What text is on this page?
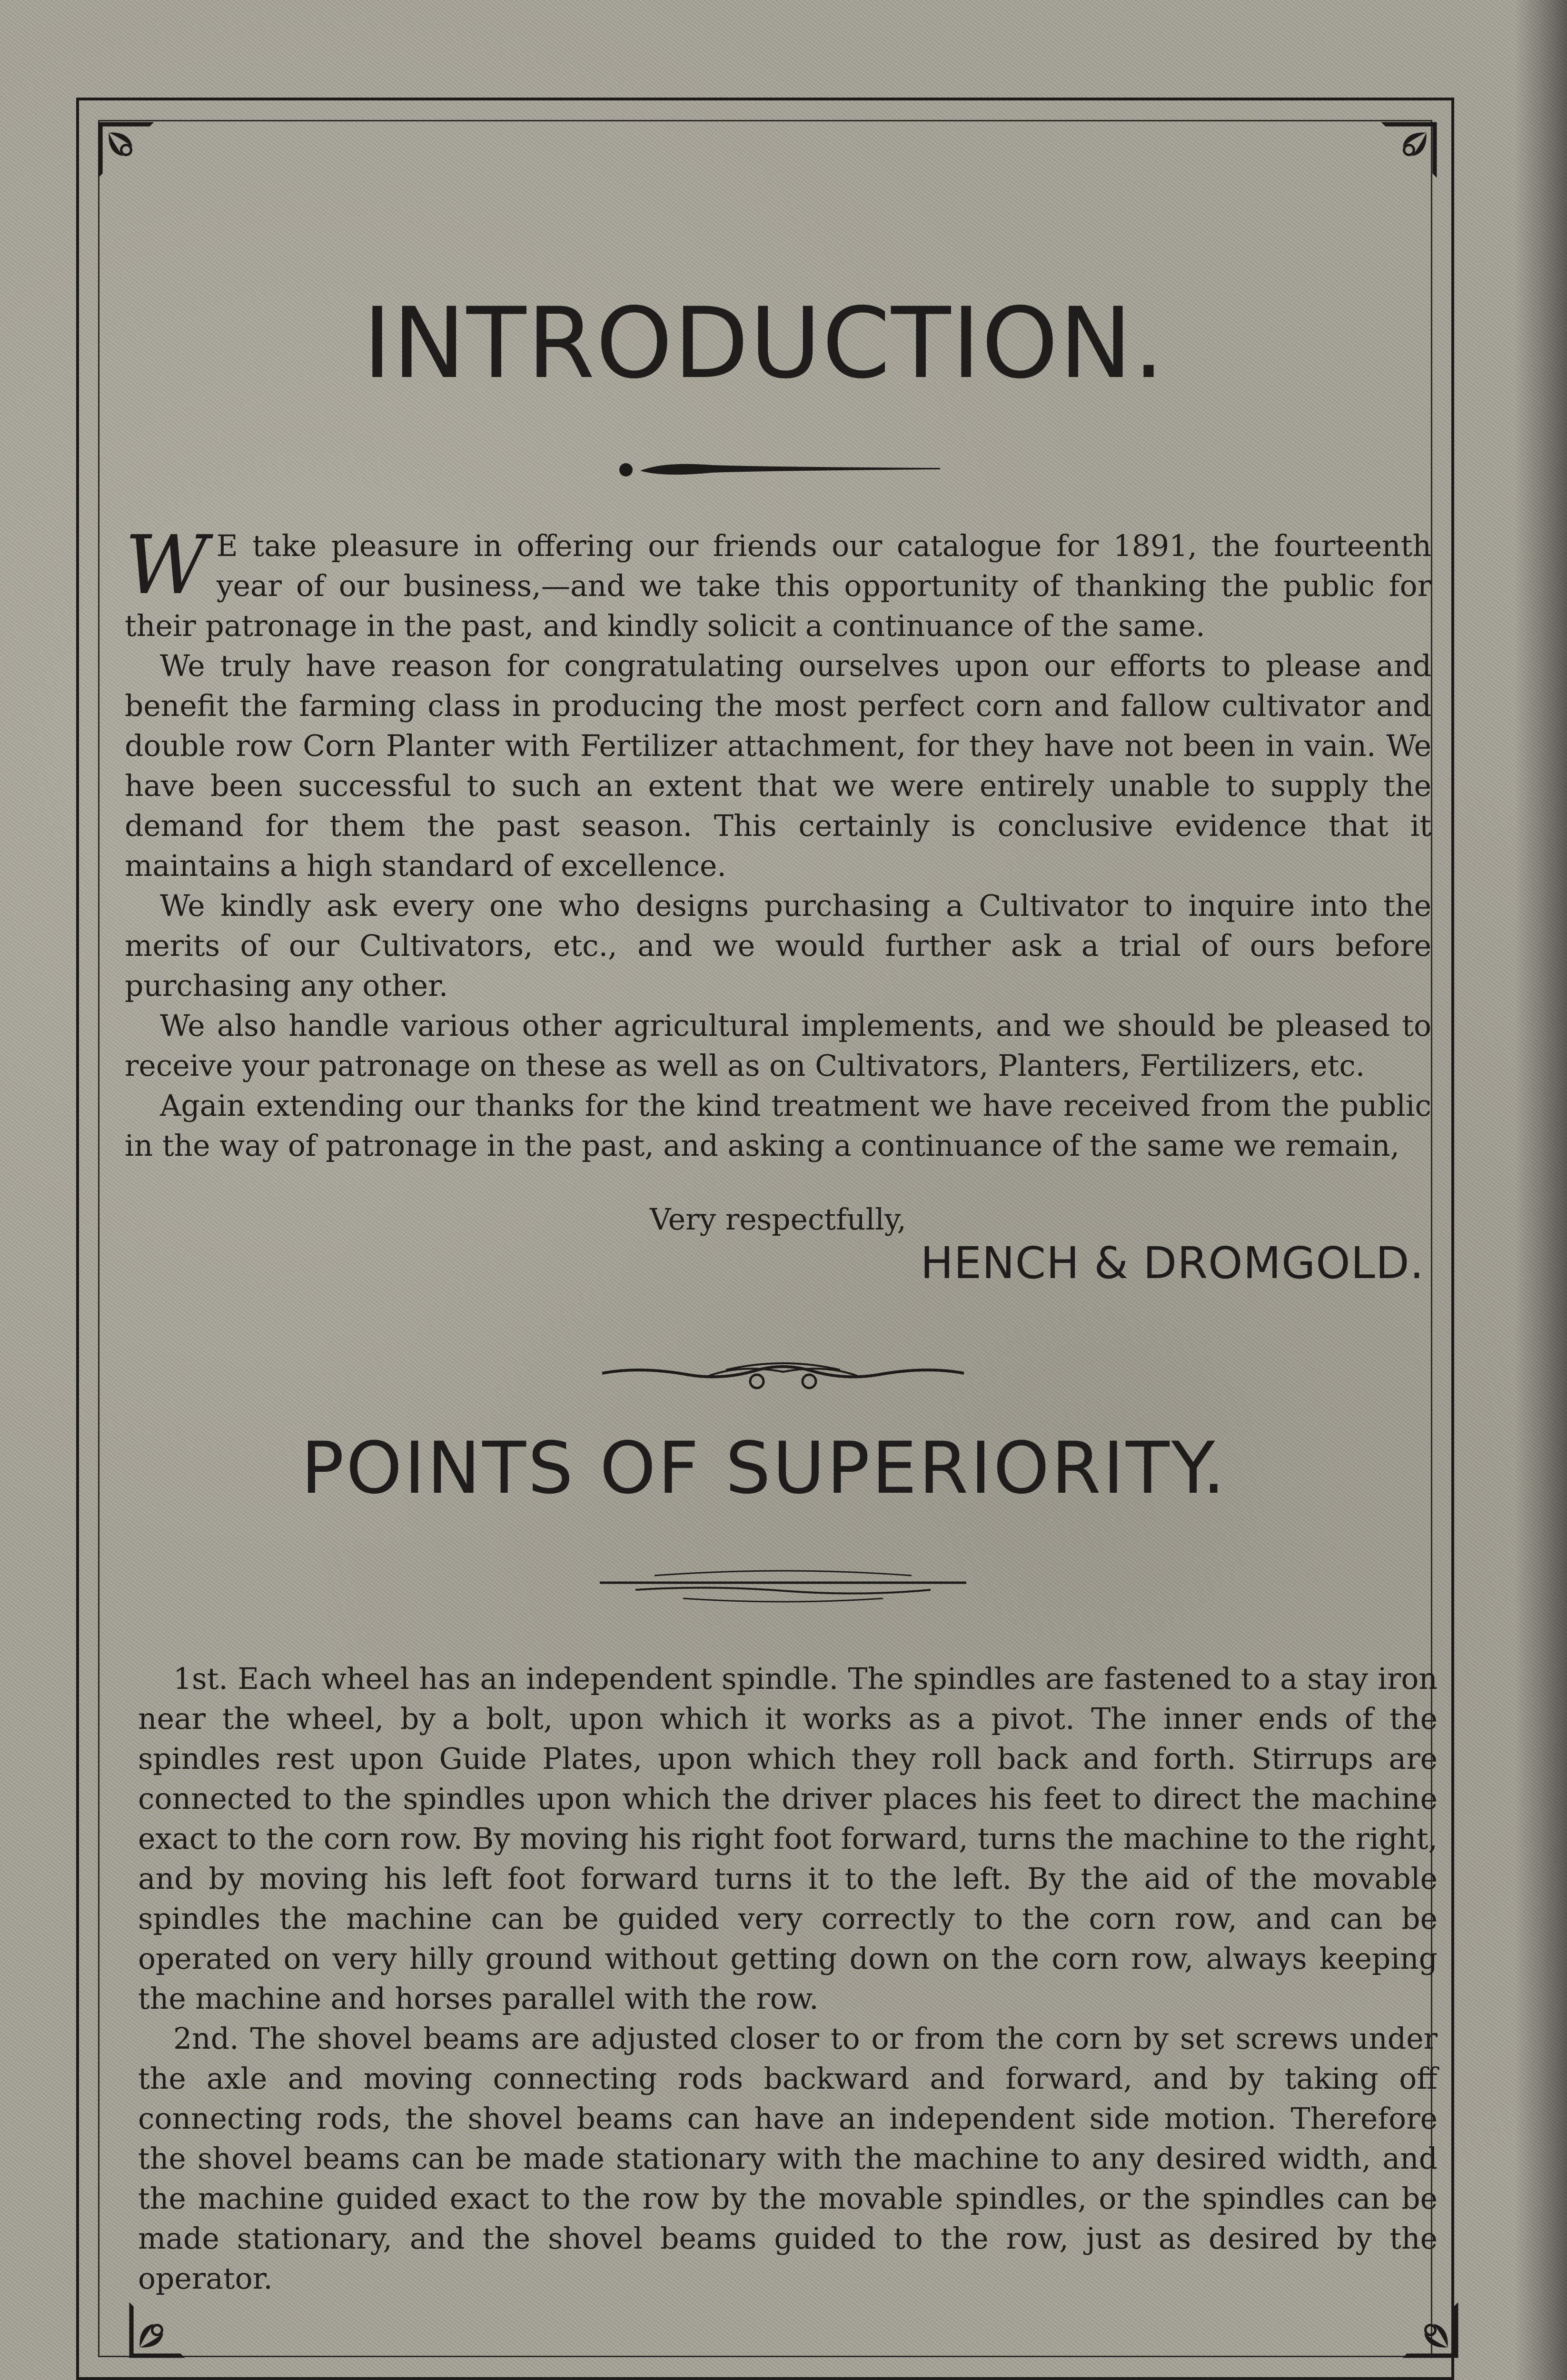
INTRODUCTION.

W E take pleasure in offering our friends our catalogue for 1891, the fourteenth year of our business,—and we take this opportunity of thanking the public for their patronage in the past, and kindly solicit a continuance of the same.

We truly have reason for congratulating ourselves upon our efforts to please and benefit the farming class in producing the most perfect corn and fallow cultivator and double row Corn Planter with Fertilizer attachment, for they have not been in vain. We have been successful to such an extent that we were entirely unable to supply the demand for them the past season. This certainly is conclusive evidence that it maintains a high standard of excellence.

We kindly ask every one who designs purchasing a Cultivator to inquire into the merits of our Cultivators, etc., and we would further ask a trial of ours before purchasing any other.

We also handle various other agricultural implements, and we should be pleased to receive your patronage on these as well as on Cultivators, Planters, Fertilizers, etc.

Again extending our thanks for the kind treatment we have received from the public in the way of patronage in the past, and asking a continuance of the same we remain,

Very respectfully,
HENCH & DROMGOLD.
POINTS OF SUPERIORITY.

1st. Each wheel has an independent spindle. The spindles are fastened to a stay iron near the wheel, by a bolt, upon which it works as a pivot. The inner ends of the spindles rest upon Guide Plates, upon which they roll back and forth. Stirrups are connected to the spindles upon which the driver places his feet to direct the machine exact to the corn row. By moving his right foot forward, turns the machine to the right, and by moving his left foot forward turns it to the left. By the aid of the movable spindles the machine can be guided very correctly to the corn row, and can be operated on very hilly ground without getting down on the corn row, always keeping the machine and horses parallel with the row.

2nd. The shovel beams are adjusted closer to or from the corn by set screws under the axle and moving connecting rods backward and forward, and by taking off connecting rods, the shovel beams can have an independent side motion. Therefore the shovel beams can be made stationary with the machine to any desired width, and the machine guided exact to the row by the movable spindles, or the spindles can be made stationary, and the shovel beams guided to the row, just as desired by the operator.
